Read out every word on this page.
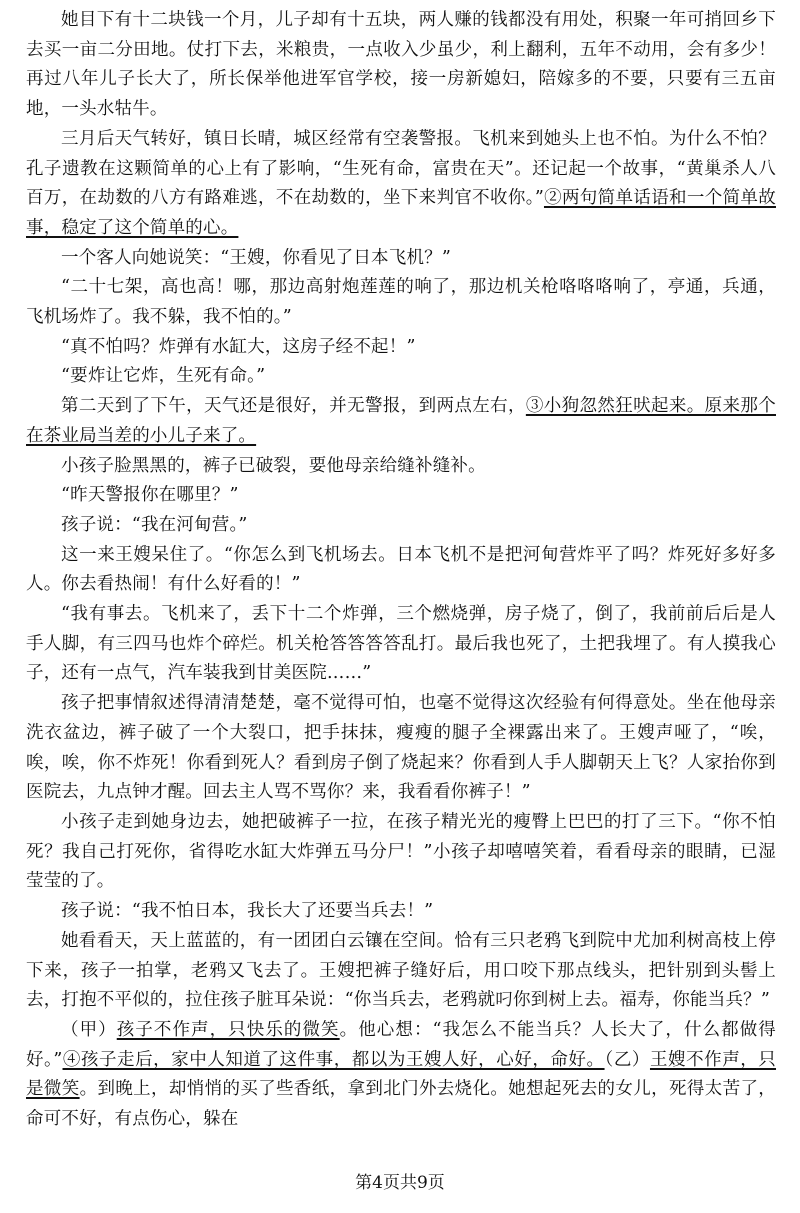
她目下有十二块钱一个月，儿子却有十五块，两人赚的钱都没有用处，积聚一年可捎回乡下去买一亩二分田地。仗打下去，米粮贵，一点收入少虽少，利上翻利，五年不动用，会有多少！再过八年儿子长大了，所长保举他进军官学校，接一房新媳妇，陪嫁多的不要，只要有三五亩地，一头水牯牛。

三月后天气转好，镇日长晴，城区经常有空袭警报。飞机来到她头上也不怕。为什么不怕？孔子遗教在这颗简单的心上有了影响，“生死有命，富贵在天”。还记起一个故事，“黄巢杀人八百万，在劫数的八方有路难逃，不在劫数的，坐下来判官不收你。”②两句简单话语和一个简单故事，稳定了这个简单的心。

一个客人向她说笑：“王嫂，你看见了日本飞机？”

“二十七架，高也高！哪，那边高射炮莲莲的响了，那边机关枪咯咯咯响了，亭通，兵通，飞机场炸了。我不躲，我不怕的。”

“真不怕吗？炸弹有水缸大，这房子经不起！”

“要炸让它炸，生死有命。”

第二天到了下午，天气还是很好，并无警报，到两点左右，③小狗忽然狂吠起来。原来那个在茶业局当差的小儿子来了。

小孩子脸黑黑的，裤子已破裂，要他母亲给缝补缝补。

“昨天警报你在哪里？”

孩子说：“我在河甸营。”

这一来王嫂呆住了。“你怎么到飞机场去。日本飞机不是把河甸营炸平了吗？炸死好多好多人。你去看热闹！有什么好看的！”

“我有事去。飞机来了，丢下十二个炸弹，三个燃烧弹，房子烧了，倒了，我前前后后是人手人脚，有三四马也炸个碎烂。机关枪答答答答乱打。最后我也死了，土把我埋了。有人摸我心子，还有一点气，汽车装我到甘美医院……”

孩子把事情叙述得清清楚楚，毫不觉得可怕，也毫不觉得这次经验有何得意处。坐在他母亲洗衣盆边，裤子破了一个大裂口，把手抹抹，瘦瘦的腿子全裸露出来了。王嫂声哑了，“唉，唉，唉，你不炸死！你看到死人？看到房子倒了烧起来？你看到人手人脚朝天上飞？人家抬你到医院去，九点钟才醒。回去主人骂不骂你？来，我看看你裤子！”

小孩子走到她身边去，她把破裤子一拉，在孩子精光光的瘦臀上巴巴的打了三下。“你不怕死？我自己打死你，省得吃水缸大炸弹五马分尸！”小孩子却嘻嘻笑着，看看母亲的眼睛，已湿莹莹的了。

孩子说：“我不怕日本，我长大了还要当兵去！”

她看看天，天上蓝蓝的，有一团团白云镶在空间。恰有三只老鸦飞到院中尤加利树高枝上停下来，孩子一拍掌，老鸦又飞去了。王嫂把裤子缝好后，用口咬下那点线头，把针别到头髻上去，打抱不平似的，拉住孩子脏耳朵说：“你当兵去，老鸦就叼你到树上去。福寿，你能当兵？”

（甲）孩子不作声，只快乐的微笑。他心想：“我怎么不能当兵？人长大了，什么都做得好。”④孩子走后，家中人知道了这件事，都以为王嫂人好，心好，命好。（乙）王嫂不作声，只是微笑。到晚上，却悄悄的买了些香纸，拿到北门外去烧化。她想起死去的女儿，死得太苦了，命可不好，有点伤心，躲在

第4页共9页
